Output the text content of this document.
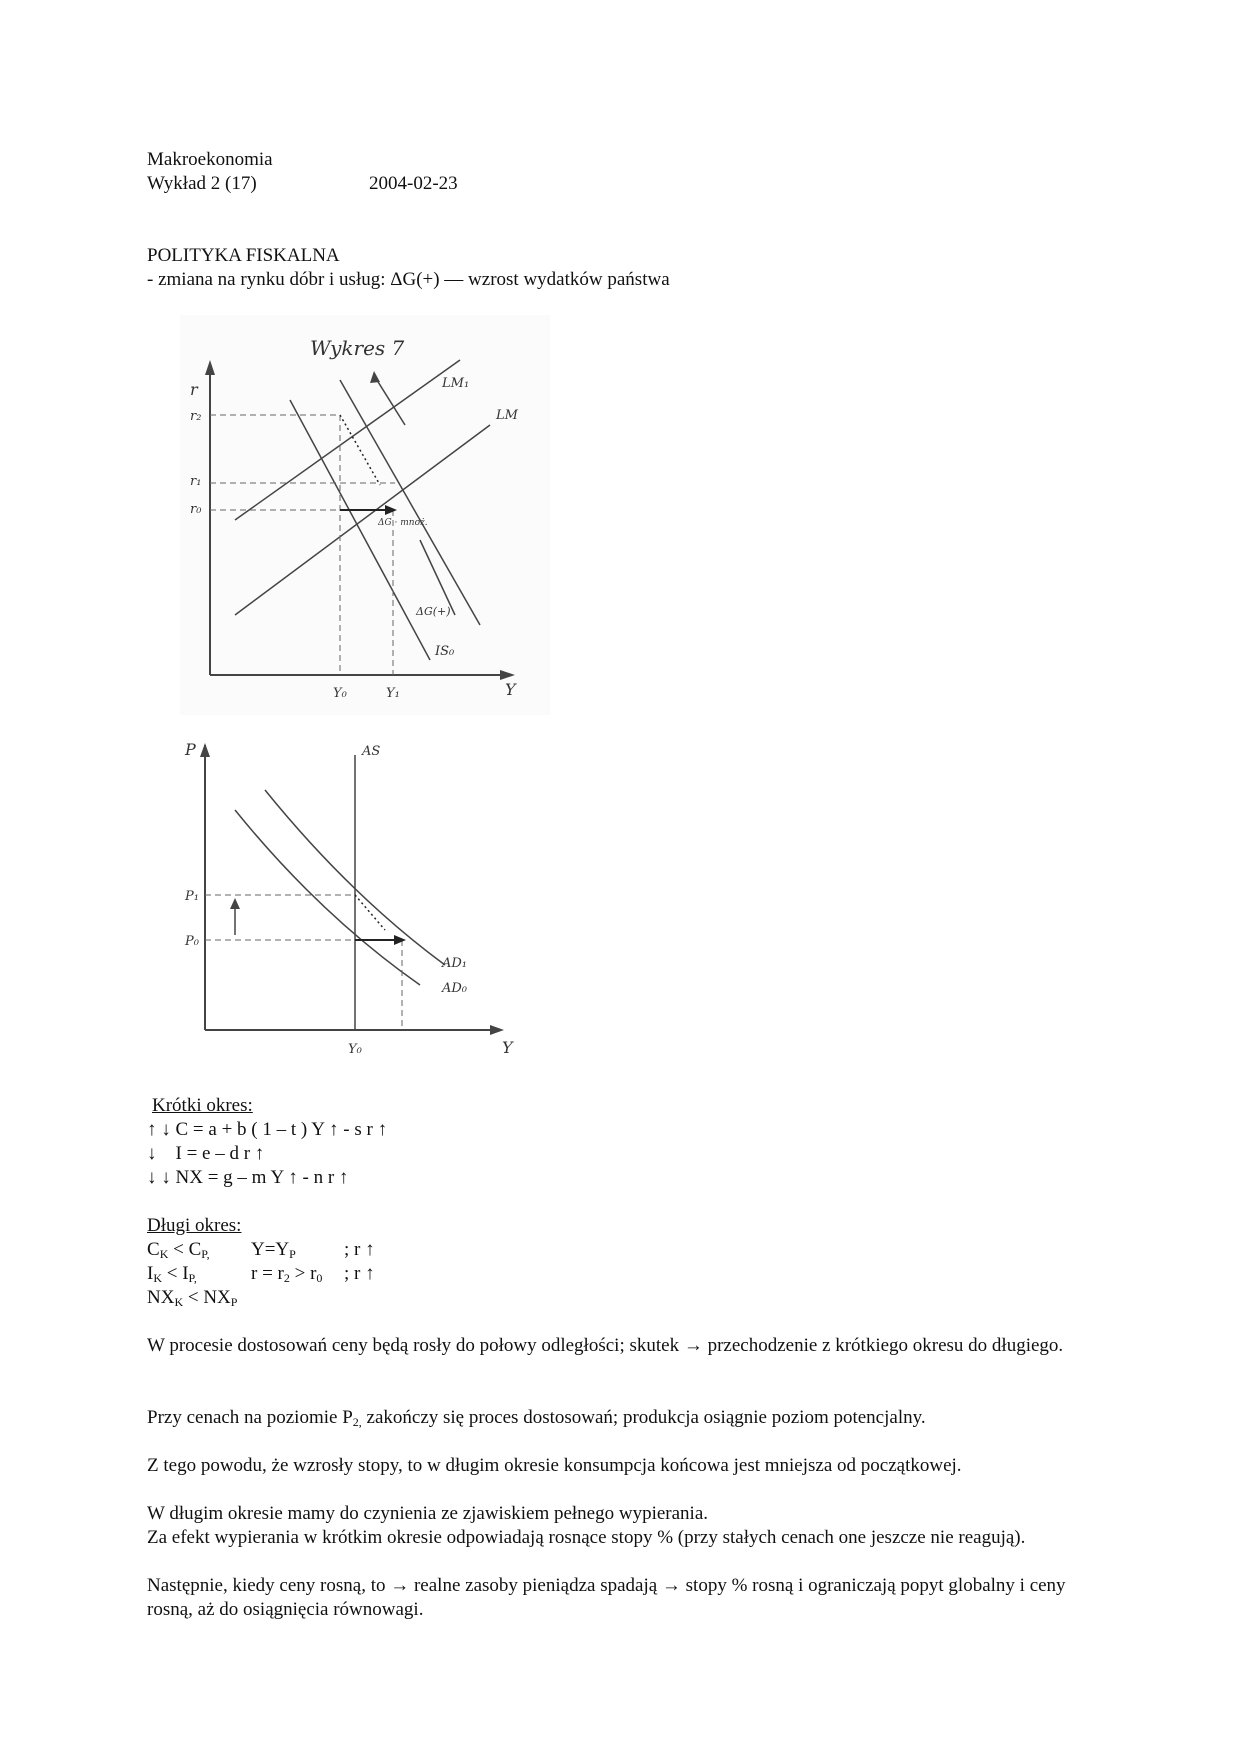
Makroekonomia
Wykład 2 (17)	2004-02-23
POLITYKA FISKALNA
- zmiana na rynku dóbr i usług: ΔG(+) — wzrost wydatków państwa
Wykres 7
r
Y
r₂
r₁
r₀
Y₀	Y₁
LM₁
LM
IS₀
ΔG(+)
ΔG · mnoż.
P
Y
AS
AD₁
AD₀
P₁
P₀
Y₀
Krótki okres:
↑ ↓ C = a + b ( 1 – t ) Y ↑ - s r ↑
↓    I = e – d r ↑
↓ ↓ NX = g – m Y ↑ - n r ↑
Długi okres:
$C_K < C_{P,}$ $Y=Y_P$	; r ↑
$I_K < I_{P,}$	$r = r_2 > r_0$ ; r ↑
$NX_K < NX_P$
W procesie dostosowań ceny będą rosły do połowy odległości; skutek → przechodzenie z krótkiego okresu do długiego.
Przy cenach na poziomie $P_{2,}$ zakończy się proces dostosowań; produkcja osiągnie poziom potencjalny.
Z tego powodu, że wzrosły stopy, to w długim okresie konsumpcja końcowa jest mniejsza od początkowej.
W długim okresie mamy do czynienia ze zjawiskiem pełnego wypierania.
Za efekt wypierania w krótkim okresie odpowiadają rosnące stopy % (przy stałych cenach one jeszcze nie reagują).
Następnie, kiedy ceny rosną, to → realne zasoby pieniądza spadają → stopy % rosną i ograniczają popyt globalny i ceny rosną, aż do osiągnięcia równowagi.
